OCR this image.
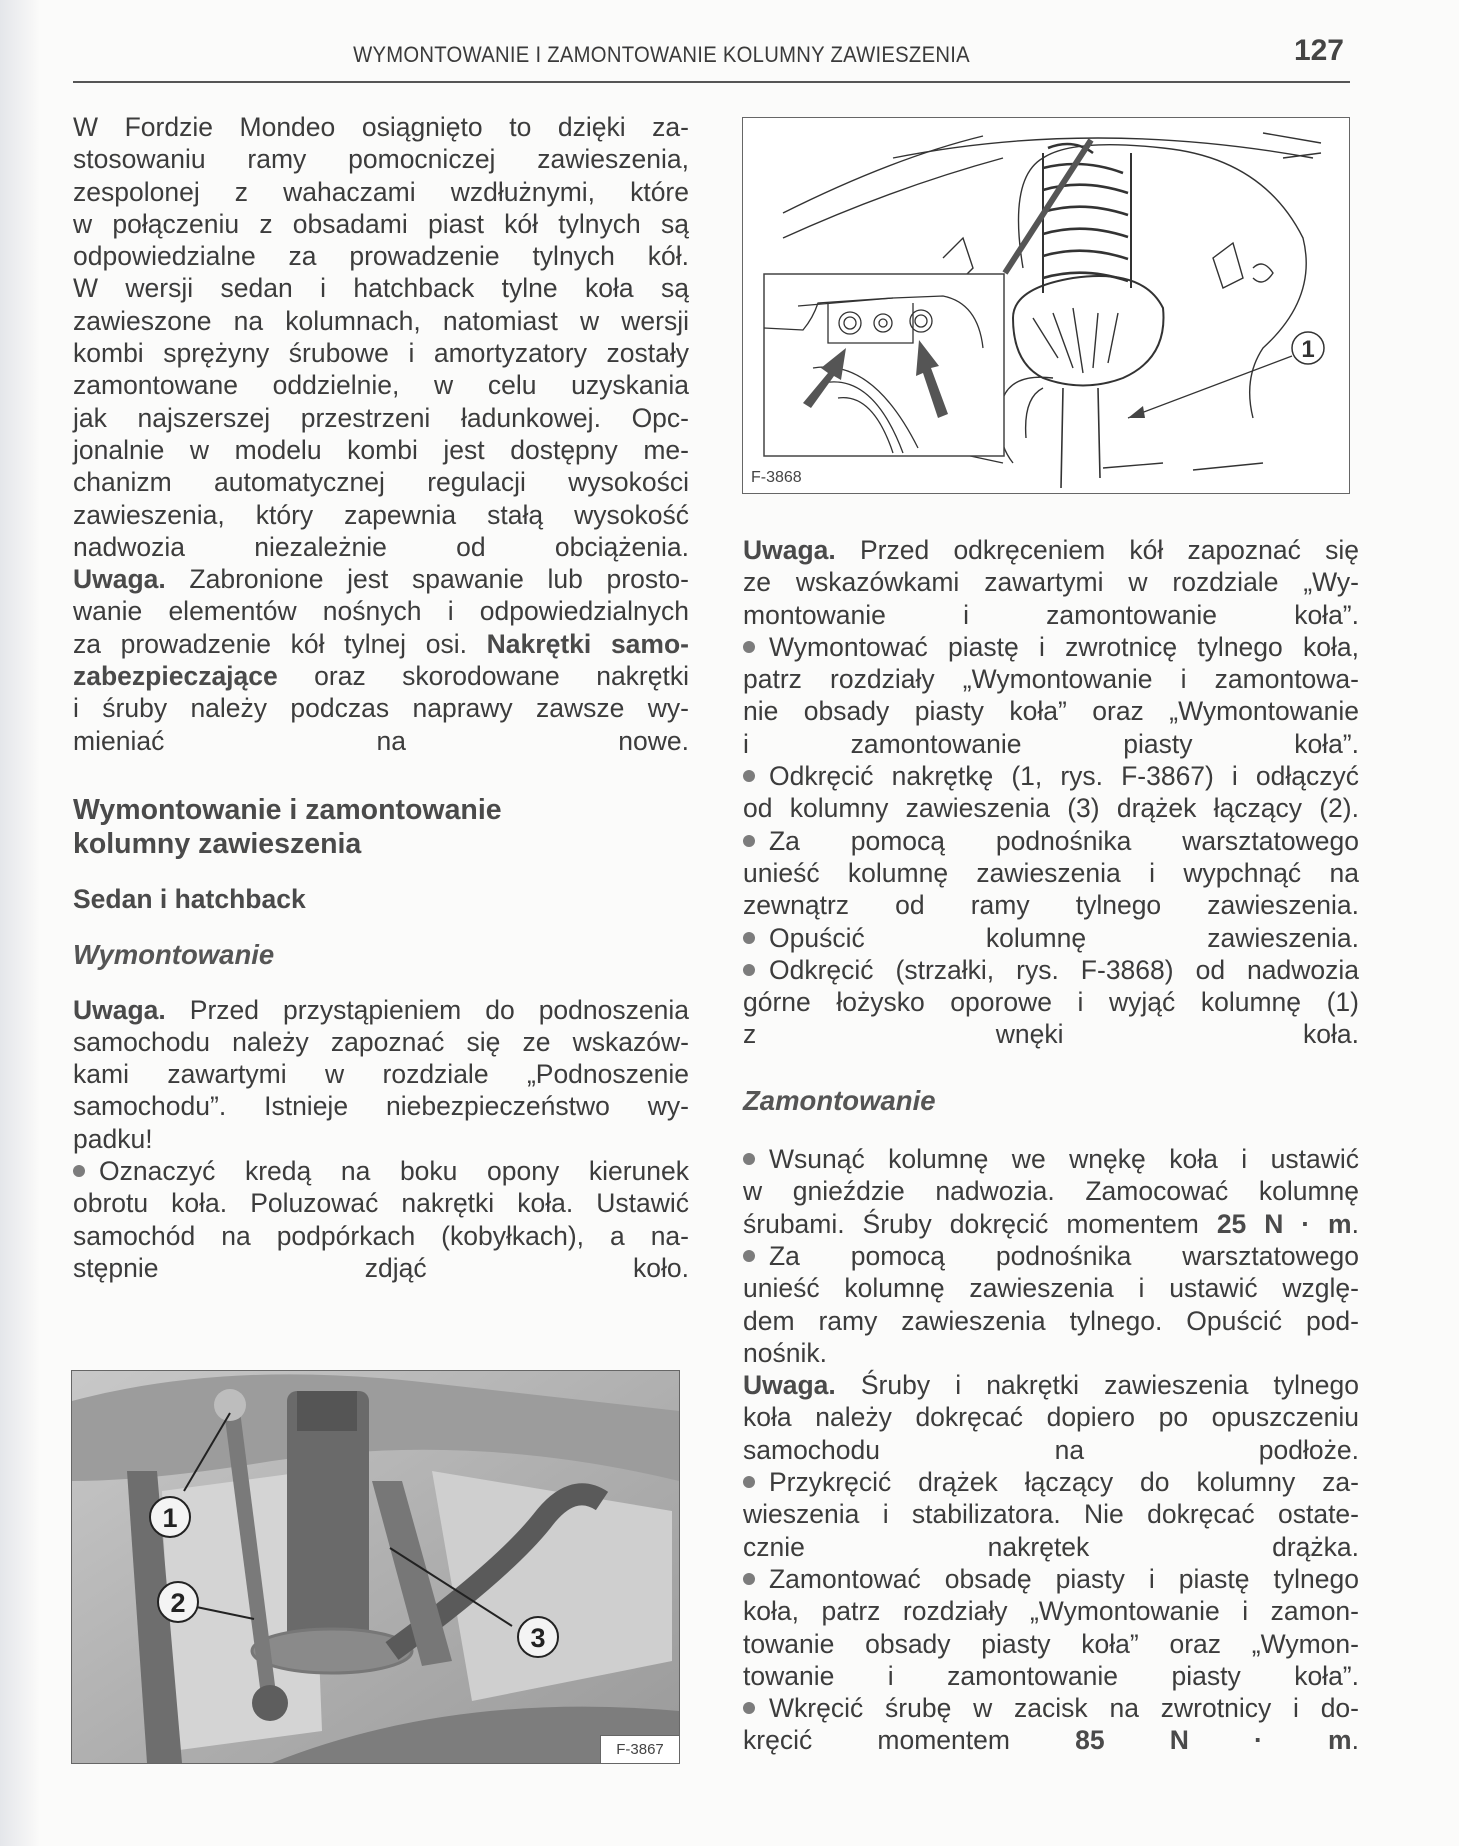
WYMONTOWANIE I ZAMONTOWANIE KOLUMNY ZAWIESZENIA	127
W Fordzie Mondeo osiągnięto to dzięki za-
stosowaniu ramy pomocniczej zawieszenia,
zespolonej z wahaczami wzdłużnymi, które
w połączeniu z obsadami piast kół tylnych są
odpowiedzialne za prowadzenie tylnych kół.
W wersji sedan i hatchback tylne koła są
zawieszone na kolumnach, natomiast w wersji
kombi sprężyny śrubowe i amortyzatory zostały
zamontowane oddzielnie, w celu uzyskania
jak najszerszej przestrzeni ładunkowej. Opc-
jonalnie w modelu kombi jest dostępny me-
chanizm automatycznej regulacji wysokości
zawieszenia, który zapewnia stałą wysokość
nadwozia niezależnie od obciążenia.
Uwaga. Zabronione jest spawanie lub prosto-
wanie elementów nośnych i odpowiedzialnych
za prowadzenie kół tylnej osi. Nakrętki samo-
zabezpieczające oraz skorodowane nakrętki
i śruby należy podczas naprawy zawsze wy-
mieniać na nowe.
Wymontowanie i zamontowanie
kolumny zawieszenia
Sedan i hatchback
Wymontowanie
Uwaga. Przed przystąpieniem do podnoszenia
samochodu należy zapoznać się ze wskazów-
kami zawartymi w rozdziale „Podnoszenie
samochodu”. Istnieje niebezpieczeństwo wy-
padku!
Oznaczyć kredą na boku opony kierunek
obrotu koła. Poluzować nakrętki koła. Ustawić
samochód na podpórkach (kobyłkach), a na-
stępnie zdjąć koło.
1
F-3868
Uwaga. Przed odkręceniem kół zapoznać się
ze wskazówkami zawartymi w rozdziale „Wy-
montowanie i zamontowanie koła”.
Wymontować piastę i zwrotnicę tylnego koła,
patrz rozdziały „Wymontowanie i zamontowa-
nie obsady piasty koła” oraz „Wymontowanie
i zamontowanie piasty koła”.
Odkręcić nakrętkę (1, rys. F-3867) i odłączyć
od kolumny zawieszenia (3) drążek łączący (2).
Za pomocą podnośnika warsztatowego
unieść kolumnę zawieszenia i wypchnąć na
zewnątrz od ramy tylnego zawieszenia.
Opuścić kolumnę zawieszenia.
Odkręcić (strzałki, rys. F-3868) od nadwozia
górne łożysko oporowe i wyjąć kolumnę (1)
z wnęki koła.
Zamontowanie
Wsunąć kolumnę we wnękę koła i ustawić
w gnieździe nadwozia. Zamocować kolumnę
śrubami. Śruby dokręcić momentem 25 N · m.
Za pomocą podnośnika warsztatowego
unieść kolumnę zawieszenia i ustawić wzglę-
dem ramy zawieszenia tylnego. Opuścić pod-
nośnik.
Uwaga. Śruby i nakrętki zawieszenia tylnego
koła należy dokręcać dopiero po opuszczeniu
samochodu na podłoże.
Przykręcić drążek łączący do kolumny za-
wieszenia i stabilizatora. Nie dokręcać ostate-
cznie nakrętek drążka.
Zamontować obsadę piasty i piastę tylnego
koła, patrz rozdziały „Wymontowanie i zamon-
towanie obsady piasty koła” oraz „Wymon-
towanie i zamontowanie piasty koła”.
Wkręcić śrubę w zacisk na zwrotnicy i do-
kręcić momentem 85 N · m.
1
2
3
F-3867
